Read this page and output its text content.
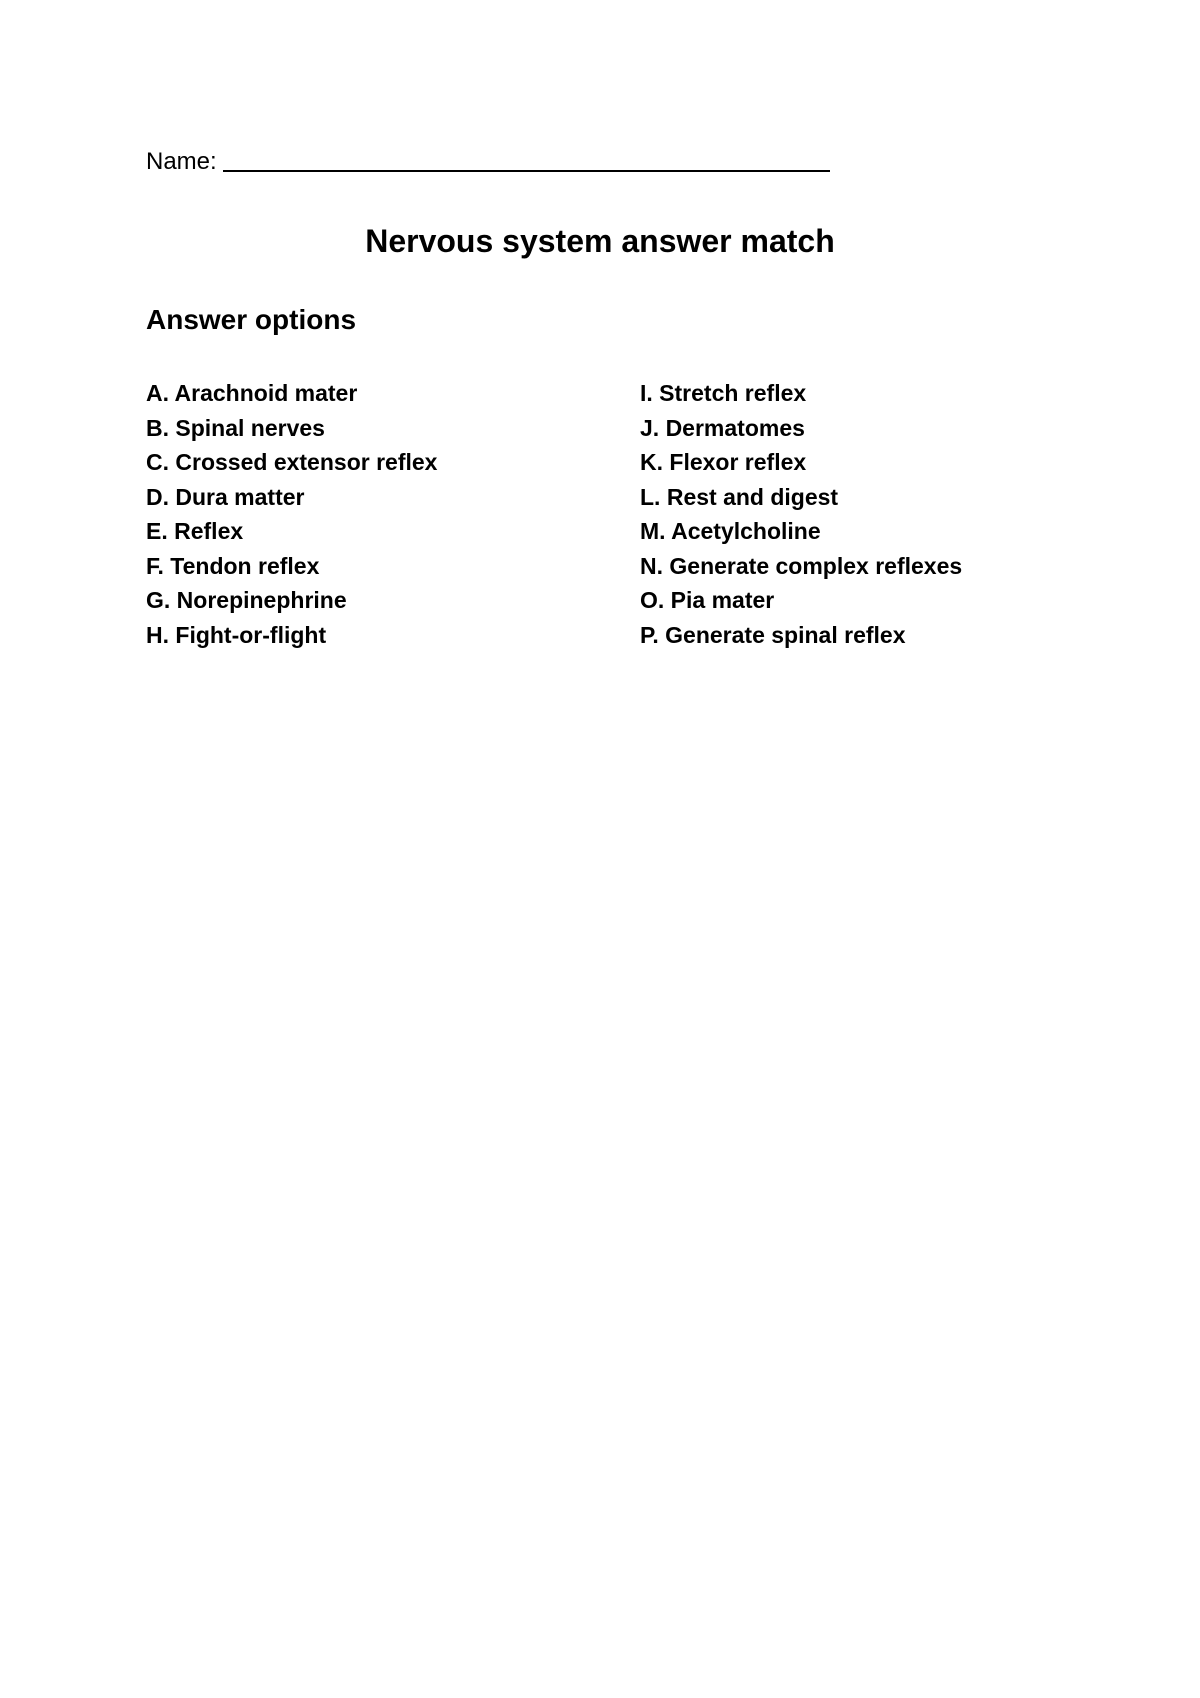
Name:
Nervous system answer match
Answer options
A. Arachnoid mater
B. Spinal nerves
C. Crossed extensor reflex
D. Dura matter
E. Reflex
F. Tendon reflex
G. Norepinephrine
H. Fight-or-flight
I. Stretch reflex
J. Dermatomes
K. Flexor reflex
L. Rest and digest
M. Acetylcholine
N. Generate complex reflexes
O. Pia mater
P. Generate spinal reflex
